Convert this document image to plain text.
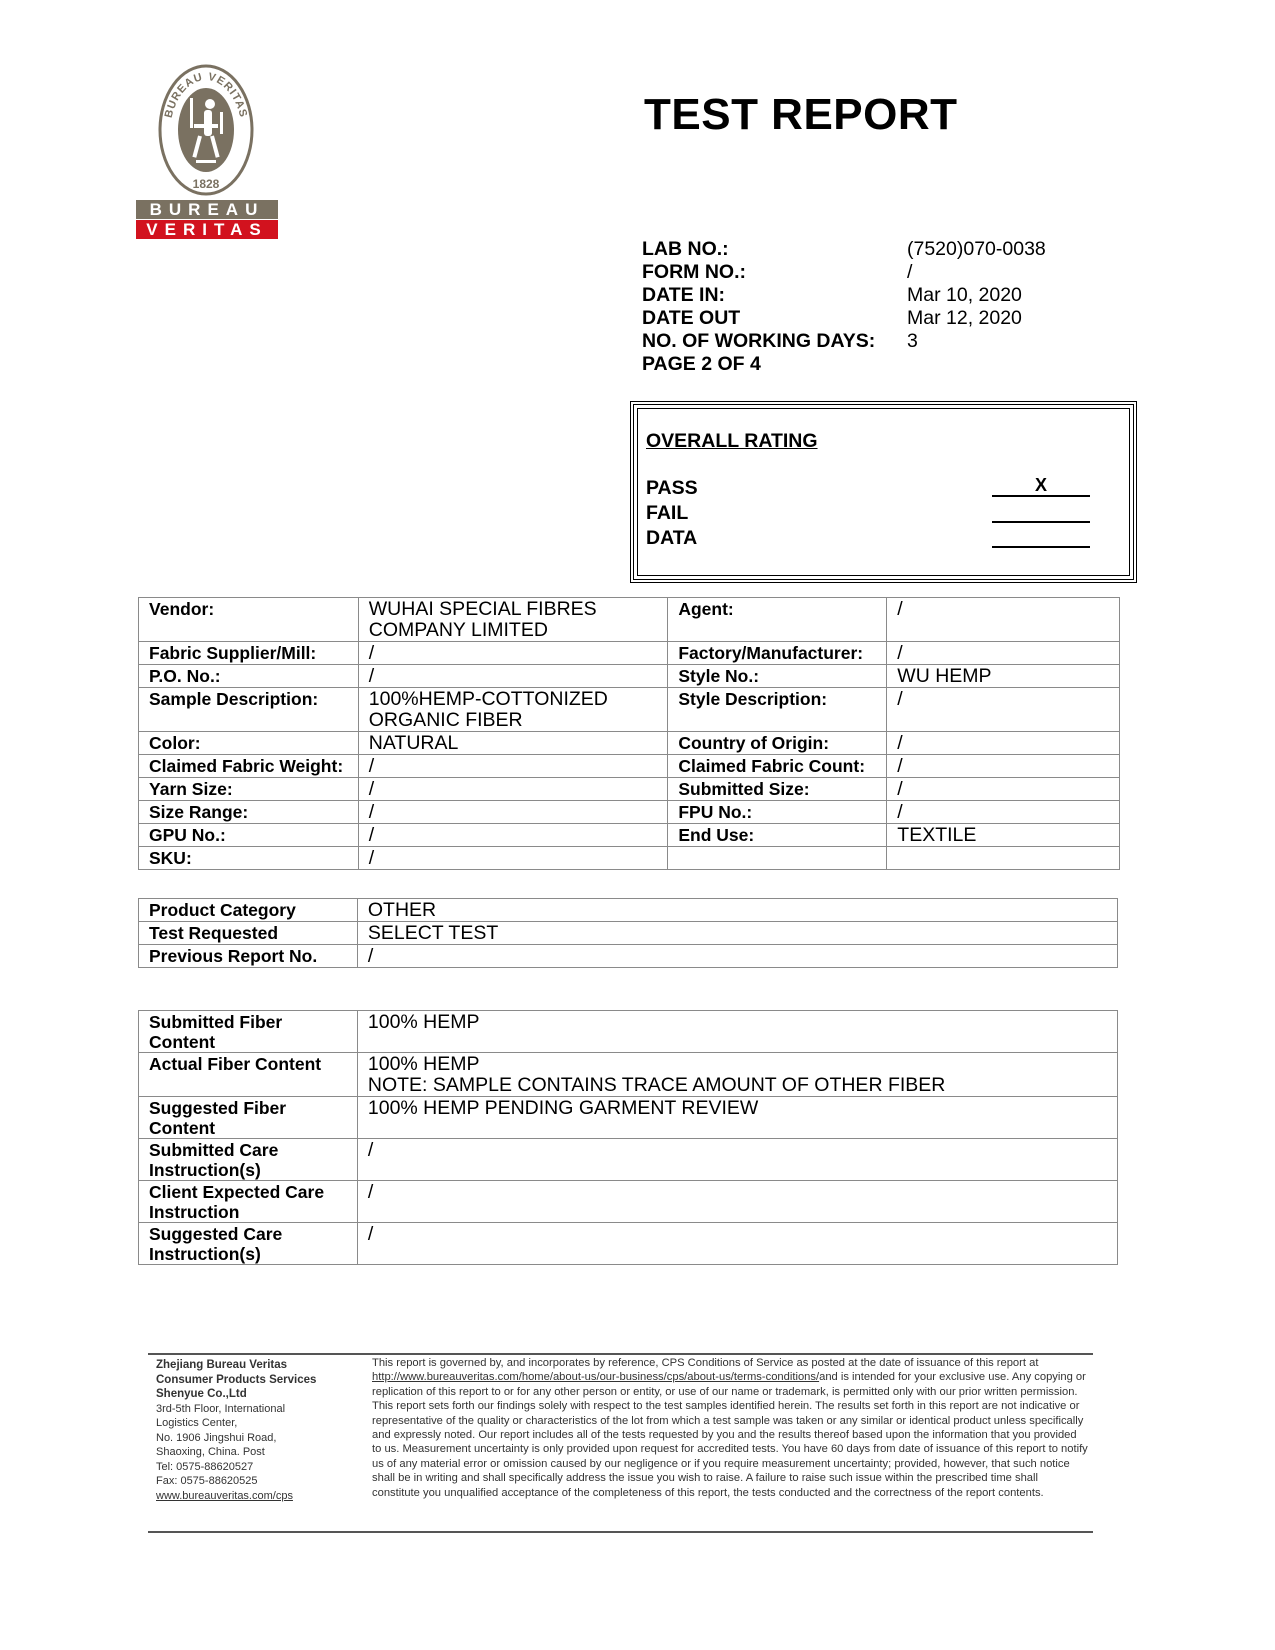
BUREAU VERITAS
1828
BUREAU
VERITAS
TEST REPORT
LAB NO.:	(7520)070-0038
FORM NO.:	/
DATE IN:	Mar 10, 2020
DATE OUT	Mar 12, 2020
NO. OF WORKING DAYS:	3
PAGE 2 OF 4
OVERALL RATING
PASS	X
FAIL
DATA
Vendor:	WUHAI SPECIAL FIBRES COMPANY LIMITED	Agent:	/
Fabric Supplier/Mill:	/	Factory/Manufacturer:	/
P.O. No.:	/	Style No.:	WU HEMP
Sample Description:	100%HEMP-COTTONIZED ORGANIC FIBER	Style Description:	/
Color:	NATURAL	Country of Origin:	/
Claimed Fabric Weight:	/	Claimed Fabric Count:	/
Yarn Size:	/	Submitted Size:	/
Size Range:	/	FPU No.:	/
GPU No.:	/	End Use:	TEXTILE
SKU:	/		
Product Category	OTHER
Test Requested	SELECT TEST
Previous Report No.	/
Submitted Fiber Content	100% HEMP

Actual Fiber Content	100% HEMP
NOTE: SAMPLE CONTAINS TRACE AMOUNT OF OTHER FIBER

Suggested Fiber Content	100% HEMP PENDING GARMENT REVIEW

Submitted Care Instruction(s)	/

Client Expected Care Instruction	/

Suggested Care Instruction(s)	/
Zhejiang Bureau Veritas
Consumer Products Services
Shenyue Co.,Ltd
3rd-5th Floor, International
Logistics Center,
No. 1906 Jingshui Road,
Shaoxing, China. Post
Tel: 0575-88620527
Fax: 0575-88620525
www.bureauveritas.com/cps
This report is governed by, and incorporates by reference, CPS Conditions of Service as posted at the date of issuance of this report at http://www.bureauveritas.com/home/about-us/our-business/cps/about-us/terms-conditions/and is intended for your exclusive use. Any copying or replication of this report to or for any other person or entity, or use of our name or trademark, is permitted only with our prior written permission. This report sets forth our findings solely with respect to the test samples identified herein. The results set forth in this report are not indicative or representative of the quality or characteristics of the lot from which a test sample was taken or any similar or identical product unless specifically and expressly noted. Our report includes all of the tests requested by you and the results thereof based upon the information that you provided to us. Measurement uncertainty is only provided upon request for accredited tests. You have 60 days from date of issuance of this report to notify us of any material error or omission caused by our negligence or if you require measurement uncertainty; provided, however, that such notice shall be in writing and shall specifically address the issue you wish to raise. A failure to raise such issue within the prescribed time shall constitute you unqualified acceptance of the completeness of this report, the tests conducted and the correctness of the report contents.
